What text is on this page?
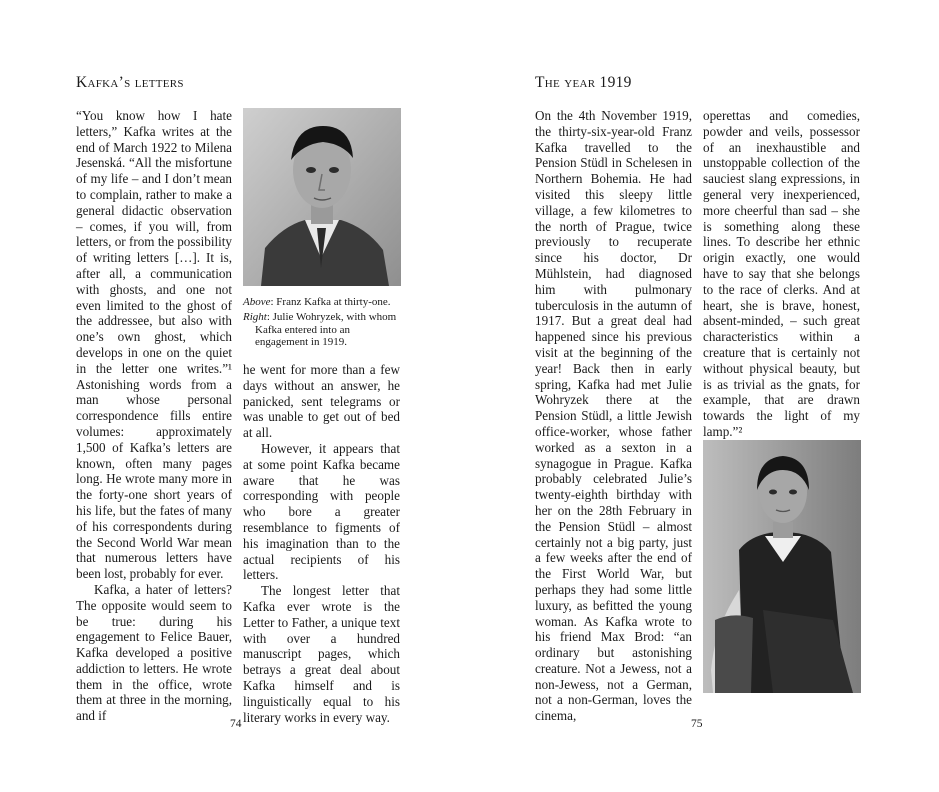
Kafka’s letters

“You know how I hate letters,” Kafka writes at the end of March 1922 to Milena Jesenská. “All the misfortune of my life – and I don’t mean to complain, rather to make a general didactic observation – comes, if you will, from letters, or from the possibility of writing letters […]. It is, after all, a communication with ghosts, and one not even limited to the ghost of the addressee, but also with one’s own ghost, which develops in one on the quiet in the letter one writes.”¹ Astonishing words from a man whose personal correspondence fills entire volumes: approximately 1,500 of Kafka’s letters are known, often many pages long. He wrote many more in the forty-one short years of his life, but the fates of many of his correspondents during the Second World War mean that numerous letters have been lost, probably for ever.

Kafka, a hater of letters? The opposite would seem to be true: during his engagement to Felice Bauer, Kafka developed a positive addiction to letters. He wrote them in the office, wrote them at three in the morning, and if

Above: Franz Kafka at thirty-one.

Right: Julie Wohryzek, with whom Kafka entered into an engagement in 1919.

he went for more than a few days without an answer, he panicked, sent telegrams or was unable to get out of bed at all.

However, it appears that at some point Kafka became aware that he was corresponding with people who bore a greater resemblance to figments of his imagination than to the actual recipients of his letters.

The longest letter that Kafka ever wrote is the Letter to Father, a unique text with over a hundred manuscript pages, which betrays a great deal about Kafka himself and is linguistically equal to his literary works in every way.

74
The year 1919

On the 4th November 1919, the thirty-six-year-old Franz Kafka travelled to the Pension Stüdl in Schelesen in Northern Bohemia. He had visited this sleepy little village, a few kilometres to the north of Prague, twice previously to recuperate since his doctor, Dr Mühlstein, had diagnosed him with pulmonary tuberculosis in the autumn of 1917. But a great deal had happened since his previous visit at the beginning of the year! Back then in early spring, Kafka had met Julie Wohryzek there at the Pension Stüdl, a little Jewish office-worker, whose father worked as a sexton in a synagogue in Prague. Kafka probably celebrated Julie’s twenty-eighth birthday with her on the 28th February in the Pension Stüdl – almost certainly not a big party, just a few weeks after the end of the First World War, but perhaps they had some little luxury, as befitted the young woman. As Kafka wrote to his friend Max Brod: “an ordinary but astonishing creature. Not a Jewess, not a non-Jewess, not a German, not a non-German, loves the cinema,

operettas and comedies, powder and veils, possessor of an inexhaustible and unstoppable collection of the sauciest slang expressions, in general very inexperienced, more cheerful than sad – she is something along these lines. To describe her ethnic origin exactly, one would have to say that she belongs to the race of clerks. And at heart, she is brave, honest, absent-minded, – such great characteristics within a creature that is certainly not without physical beauty, but is as trivial as the gnats, for example, that are drawn towards the light of my lamp.”²

75
